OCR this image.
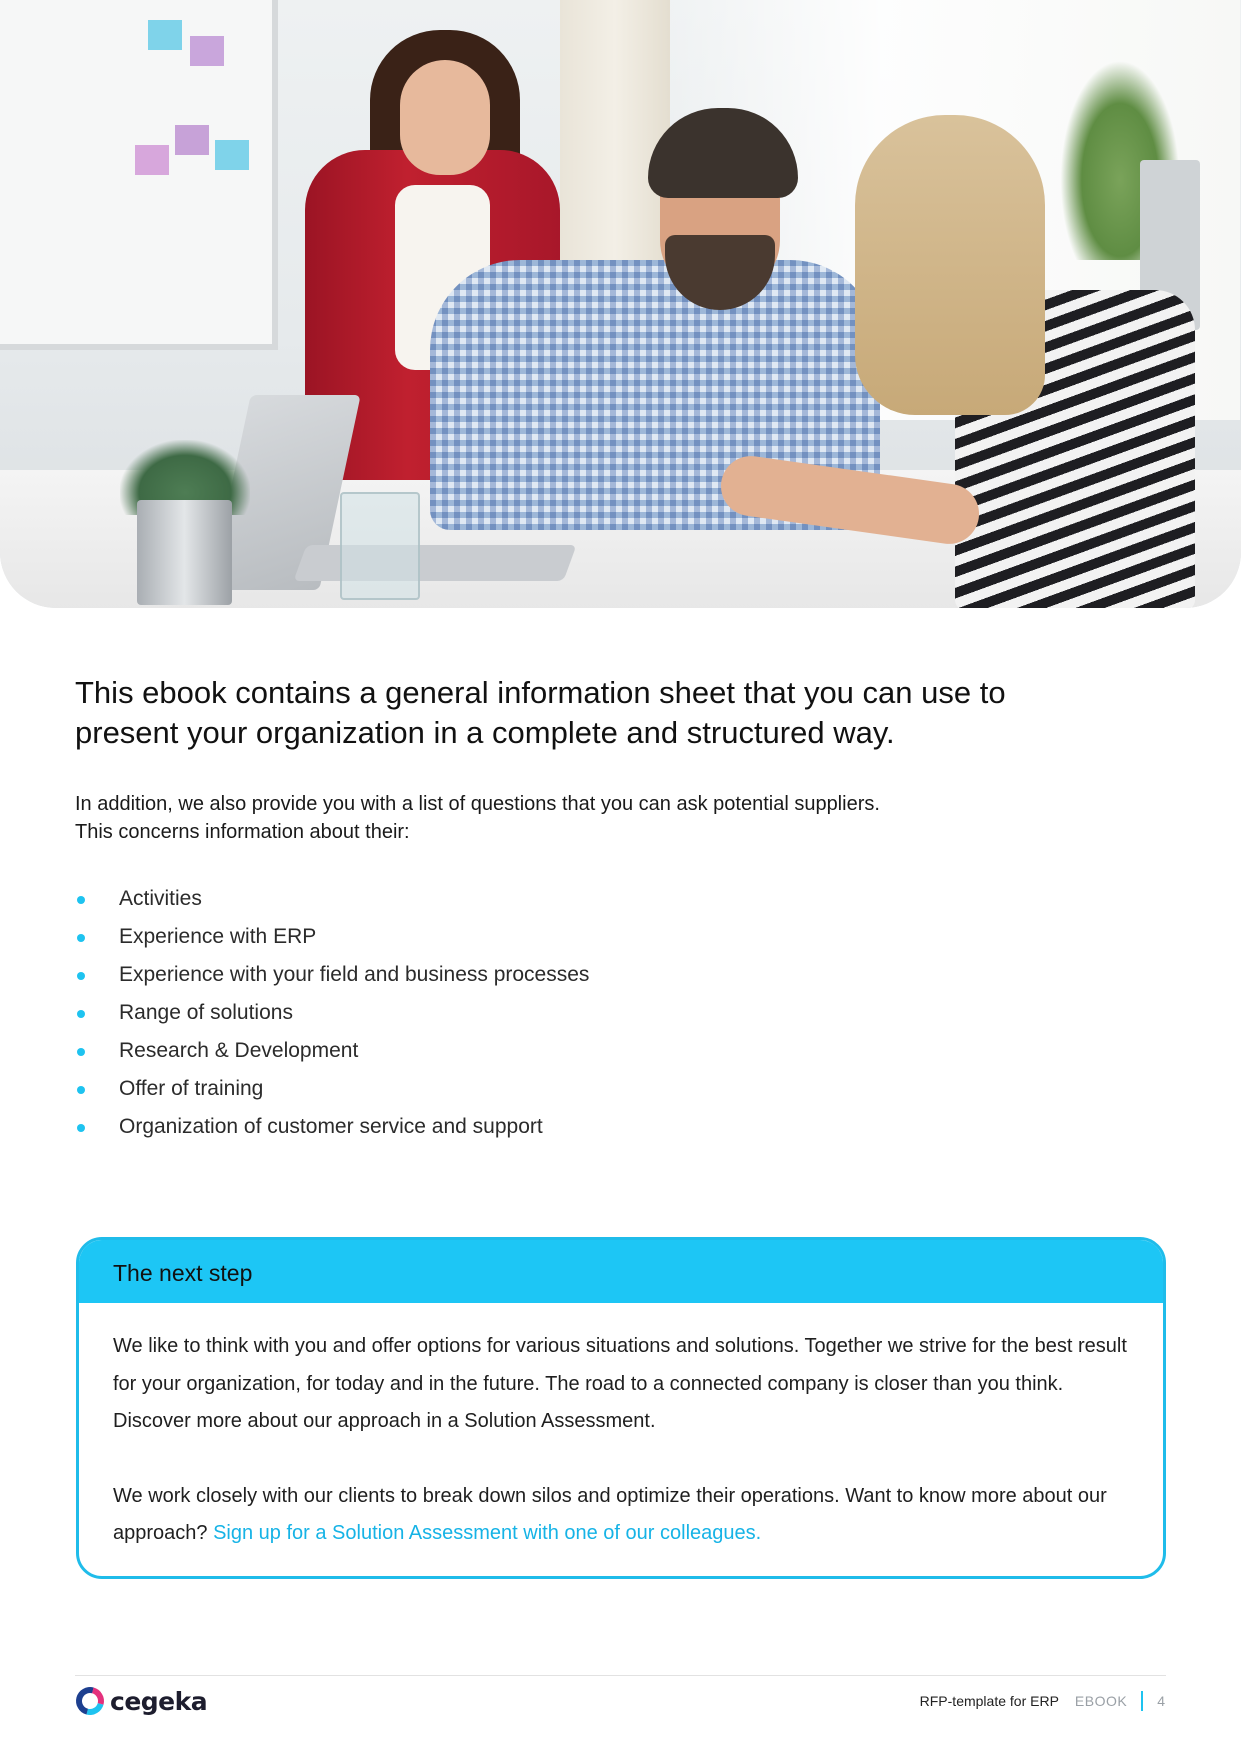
This ebook contains a general information sheet that you can use to
present your organization in a complete and structured way.

In addition, we also provide you with a list of questions that you can ask potential suppliers.
This concerns information about their:

Activities
Experience with ERP
Experience with your field and business processes
Range of solutions
Research & Development
Offer of training
Organization of customer service and support
The next step

We like to think with you and offer options for various situations and solutions. Together we strive for the best result for your organization, for today and in the future. The road to a connected company is closer than you think. Discover more about our approach in a Solution Assessment.

We work closely with our clients to break down silos and optimize their operations. Want to know more about our approach? Sign up for a Solution Assessment with one of our colleagues.

cegeka	RFP-template for ERP EBOOK 4
